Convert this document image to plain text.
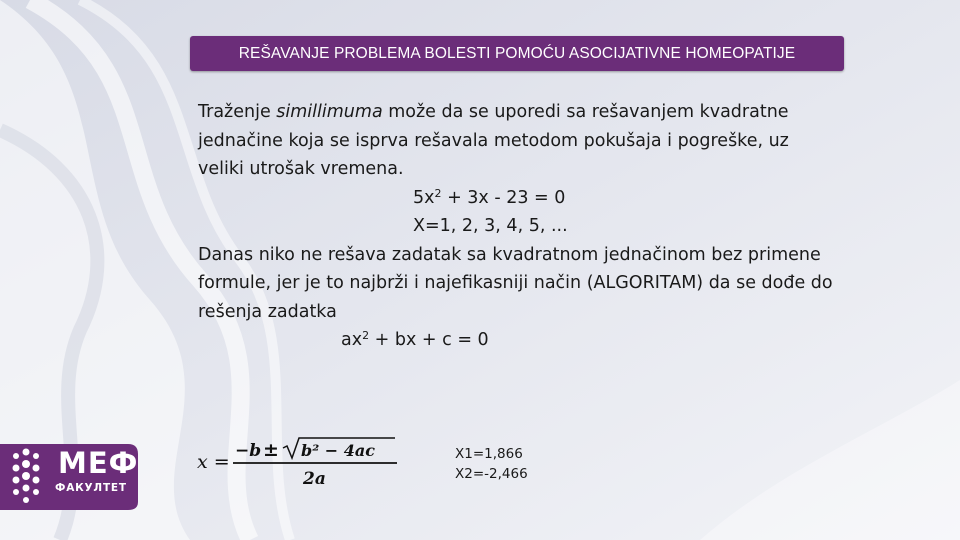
REŠAVANJE PROBLEMA BOLESTI POMOĆU ASOCIJATIVNE HOMEOPATIJE

Traženje simillimuma može da se uporedi sa rešavanjem kvadratne jednačine koja se isprva rešavala metodom pokušaja i pogreške, uz veliki utrošak vremena.

$5x^2 + 3x - 23 = 0$

X=1, 2, 3, 4, 5, ...

Danas niko ne rešava zadatak sa kvadratnom jednačinom bez primene formule, jer je to najbrži i najefikasniji način (ALGORITAM) da se dođe do rešenja zadatka

$ax^2$ + bx + c = 0

x = −b ± b² − 4ac
2a
X1=1,866
X2=-2,466
МЕФ
ФАКУЛТЕТ
